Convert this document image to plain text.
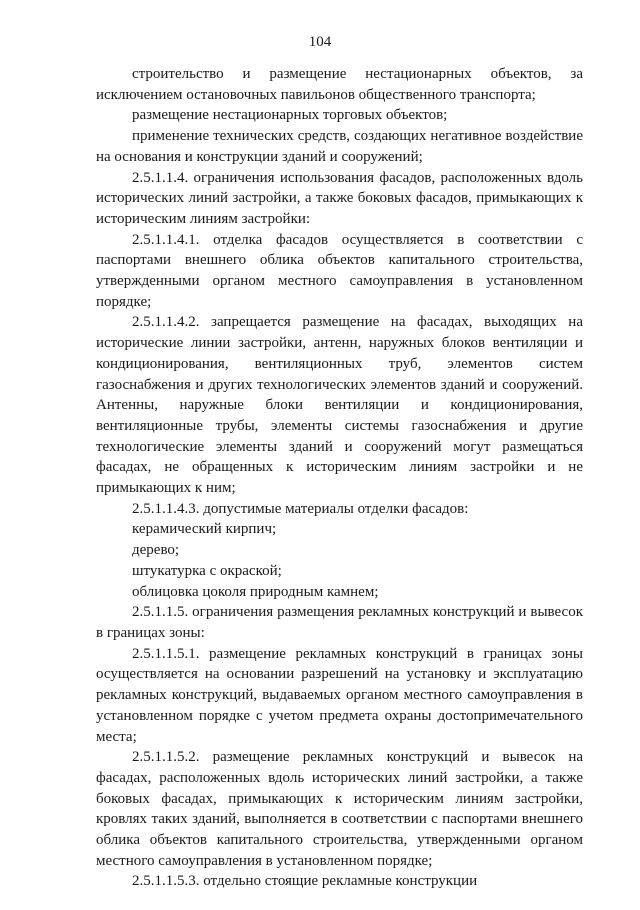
104

строительство и размещение нестационарных объектов, за исключением остановочных павильонов общественного транспорта;

размещение нестационарных торговых объектов;

применение технических средств, создающих негативное воздействие на основания и конструкции зданий и сооружений;

2.5.1.1.4. ограничения использования фасадов, расположенных вдоль исторических линий застройки, а также боковых фасадов, примыкающих к историческим линиям застройки:

2.5.1.1.4.1. отделка фасадов осуществляется в соответствии с паспортами внешнего облика объектов капитального строительства, утвержденными органом местного самоуправления в установленном порядке;

2.5.1.1.4.2. запрещается размещение на фасадах, выходящих на исторические линии застройки, антенн, наружных блоков вентиляции и кондиционирования, вентиляционных труб, элементов систем газоснабжения и других технологических элементов зданий и сооружений. Антенны, наружные блоки вентиляции и кондиционирования, вентиляционные трубы, элементы системы газоснабжения и другие технологические элементы зданий и сооружений могут размещаться фасадах, не обращенных к историческим линиям застройки и не примыкающих к ним;

2.5.1.1.4.3. допустимые материалы отделки фасадов:

керамический кирпич;

дерево;

штукатурка с окраской;

облицовка цоколя природным камнем;

2.5.1.1.5. ограничения размещения рекламных конструкций и вывесок в границах зоны:

2.5.1.1.5.1. размещение рекламных конструкций в границах зоны осуществляется на основании разрешений на установку и эксплуатацию рекламных конструкций, выдаваемых органом местного самоуправления в установленном порядке с учетом предмета охраны достопримечательного места;

2.5.1.1.5.2. размещение рекламных конструкций и вывесок на фасадах, расположенных вдоль исторических линий застройки, а также боковых фасадах, примыкающих к историческим линиям застройки, кровлях таких зданий, выполняется в соответствии с паспортами внешнего облика объектов капитального строительства, утвержденными органом местного самоуправления в установленном порядке;

2.5.1.1.5.3. отдельно стоящие рекламные конструкции
